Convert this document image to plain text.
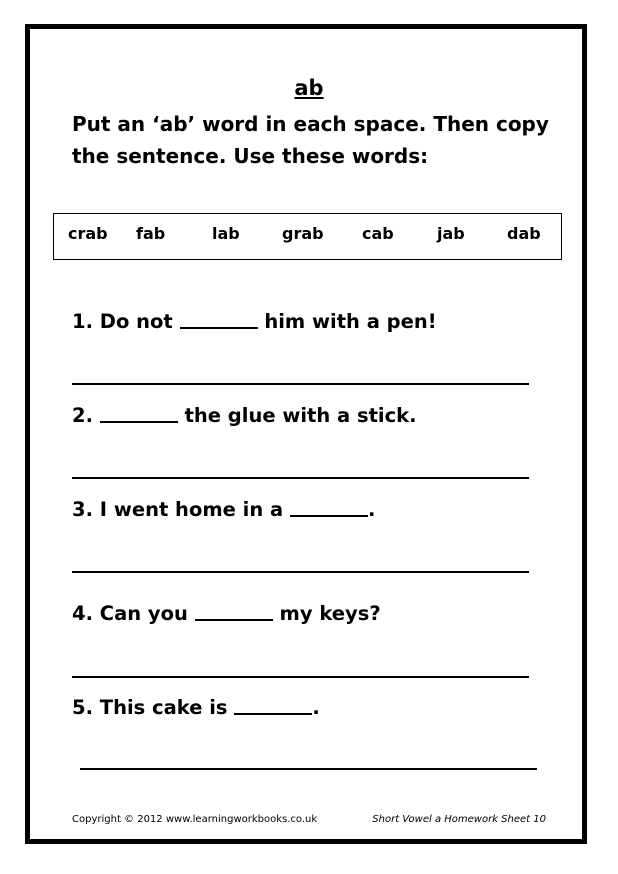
ab
Put an ‘ab’ word in each space. Then copy the sentence. Use these words:
crab fab	lab	grab cab	jab	dab
1. Do not	him with a pen!
2.	the glue with a stick.
3. I went home in a	.
4. Can you	my keys?
5. This cake is	.
Copyright © 2012 www.learningworkbooks.co.uk	Short Vowel a Homework Sheet 10
